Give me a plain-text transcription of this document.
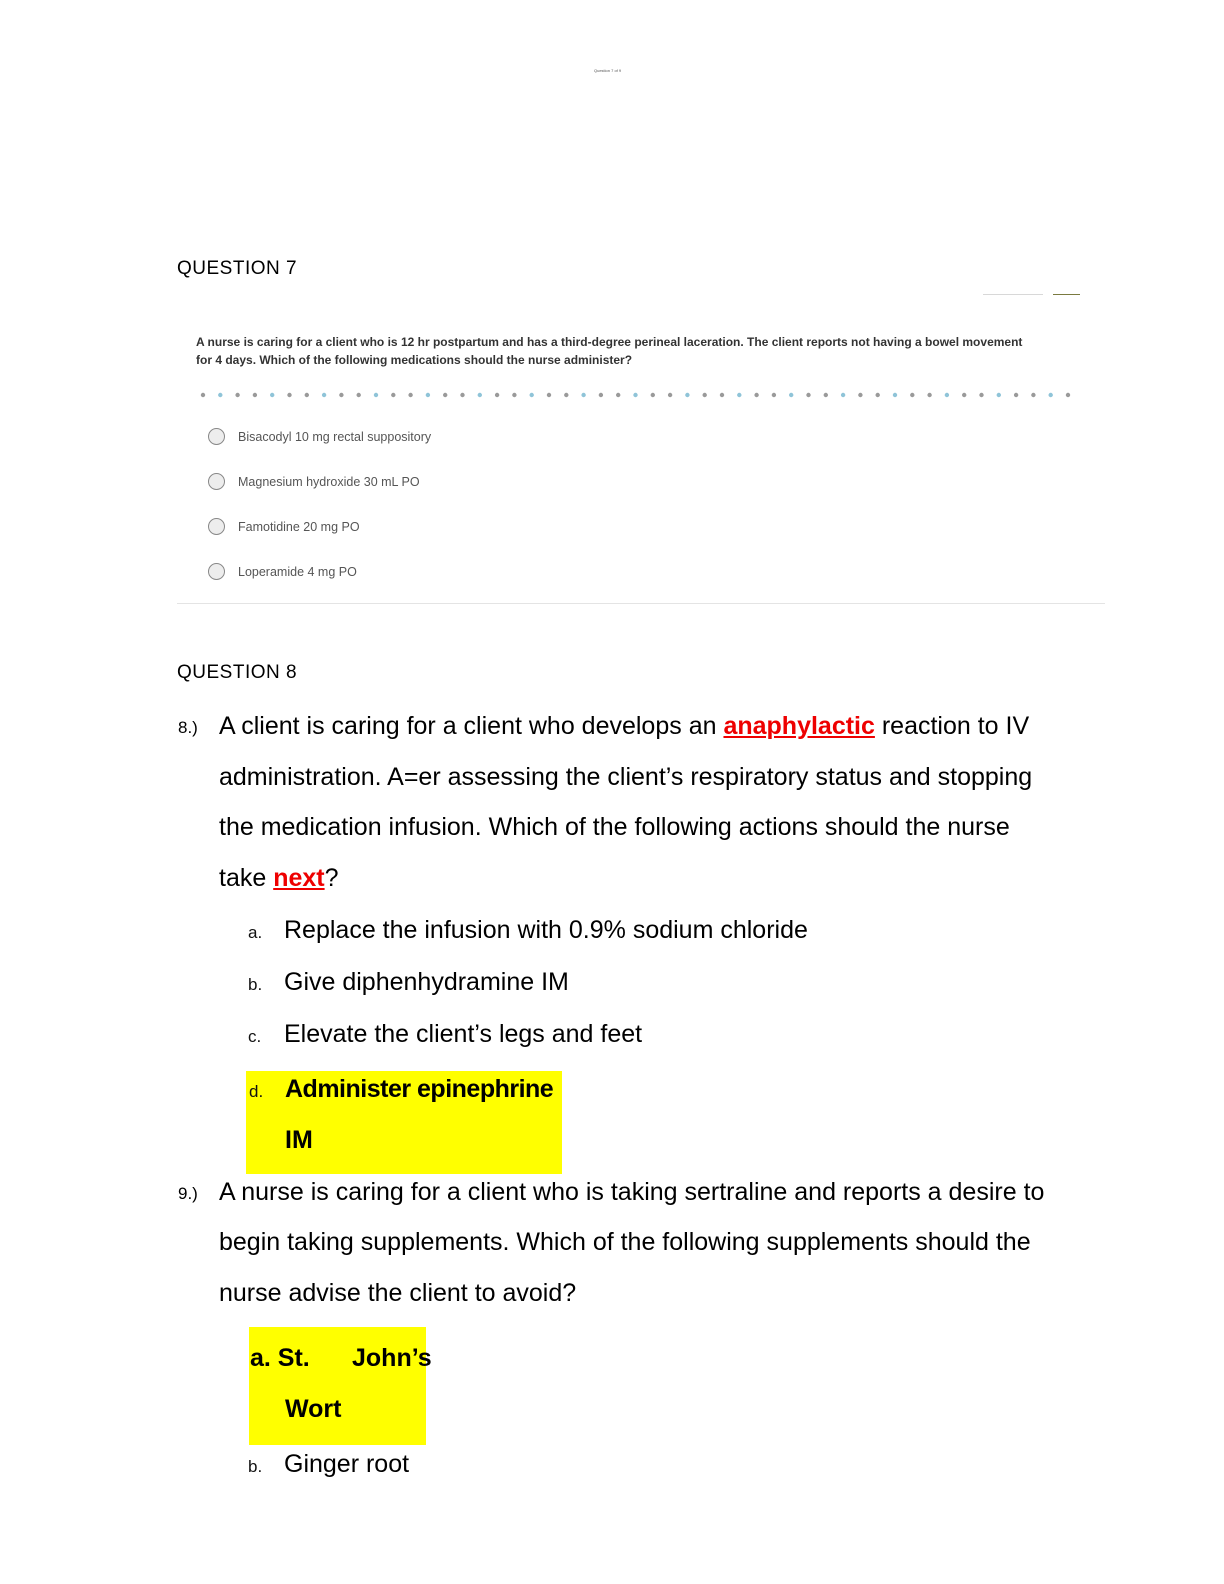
Question 7 of 9
QUESTION 7
A nurse is caring for a client who is 12 hr postpartum and has a third-degree perineal laceration. The client reports not having a bowel movement
for 4 days. Which of the following medications should the nurse administer?
Bisacodyl 10 mg rectal suppository
Magnesium hydroxide 30 mL PO
Famotidine 20 mg PO
Loperamide 4 mg PO
QUESTION 8
8.) A client is caring for a client who develops an anaphylactic reaction to IV
administration. A=er assessing the client’s respiratory status and stopping
the medication infusion. Which of the following actions should the nurse
take next?
a. Replace the infusion with 0.9% sodium chloride
b. Give diphenhydramine IM
c. Elevate the client’s legs and feet
d. Administer epinephrine
IM
9.) A nurse is caring for a client who is taking sertraline and reports a desire to
begin taking supplements. Which of the following supplements should the
nurse advise the client to avoid?
a. St. John’s
Wort
b. Ginger root
